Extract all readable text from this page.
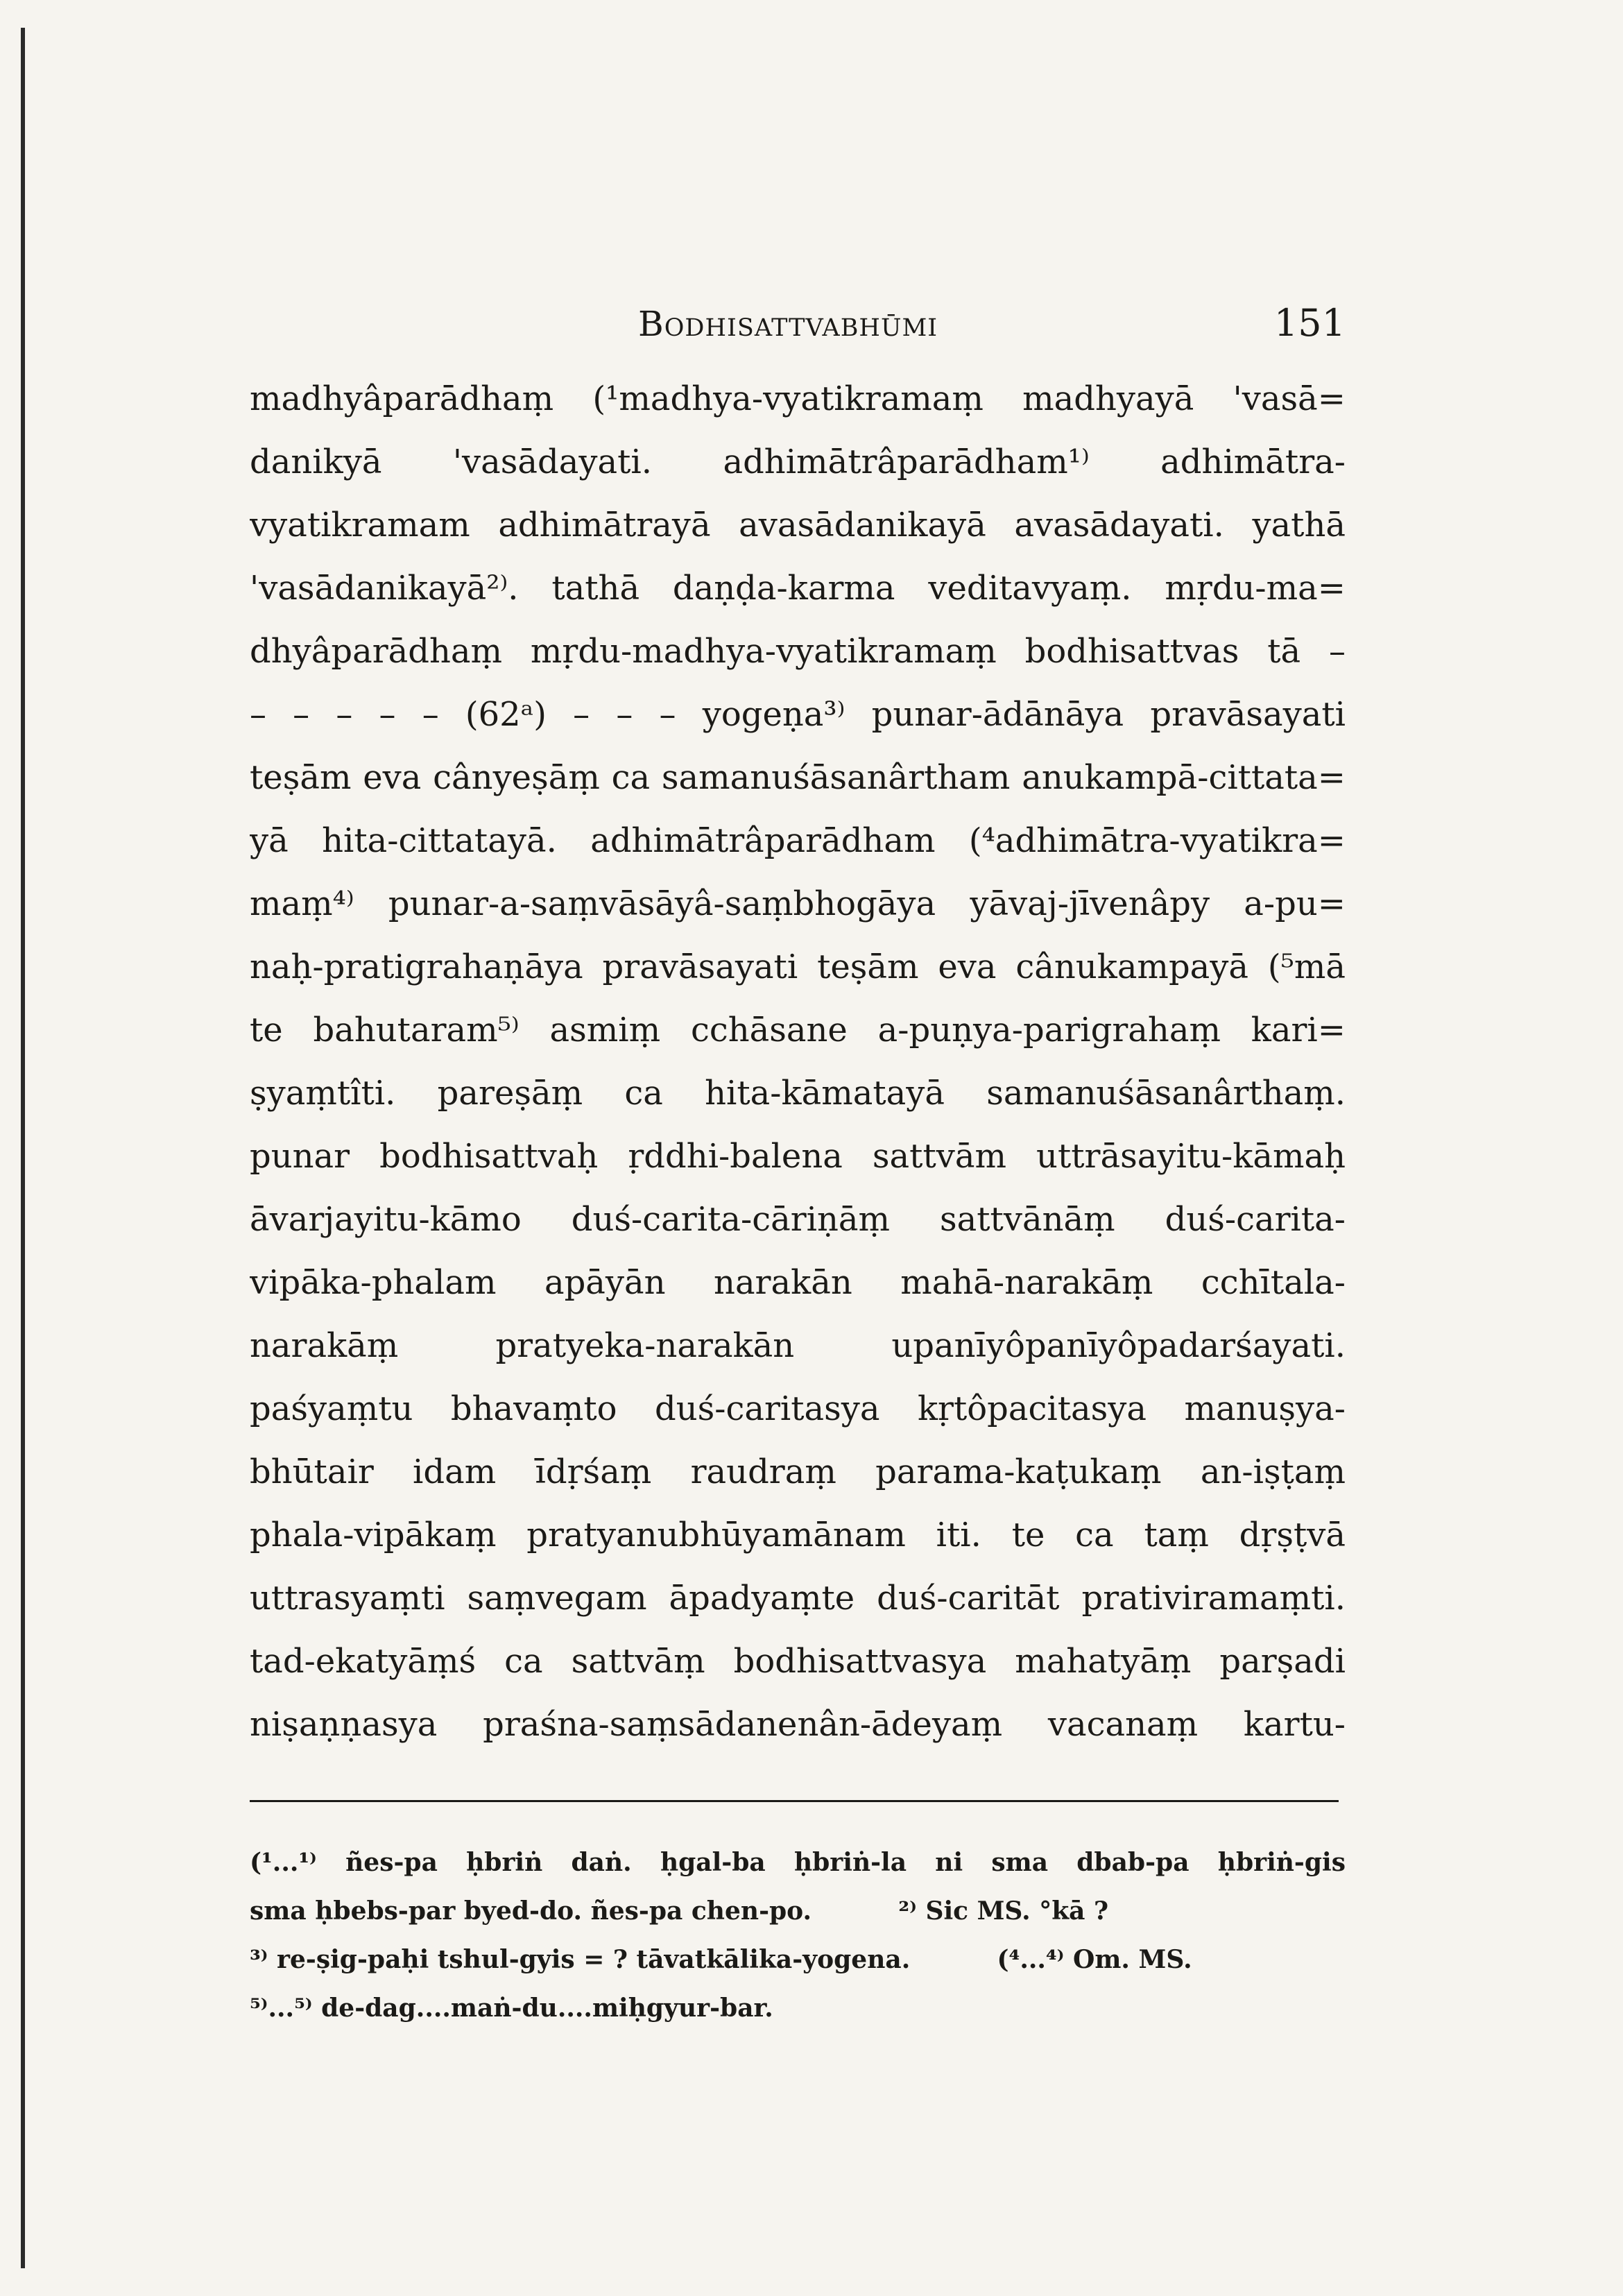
Bodhisattvabhūmi	151
madhyâparādhaṃ (¹madhya-vyatikramaṃ madhyayā 'vasā=
danikyā 'vasādayati. adhimātrâparādham¹⁾ adhimātra-
vyatikramam adhimātrayā avasādanikayā avasādayati. yathā
'vasādanikayā²⁾. tathā daṇḍa-karma veditavyaṃ. mṛdu-ma=
dhyâparādhaṃ mṛdu-madhya-vyatikramaṃ bodhisattvas tā –
– – – – – (62ᵃ) – – – yogeṇa³⁾ punar-ādānāya pravāsayati
teṣām eva cânyeṣāṃ ca samanuśāsanârtham anukampā-cittata=
yā hita-cittatayā. adhimātrâparādham (⁴adhimātra-vyatikra=
maṃ⁴⁾ punar-a-saṃvāsāyâ-saṃbhogāya yāvaj-jīvenâpy a-pu=
naḥ-pratigrahaṇāya pravāsayati teṣām eva cânukampayā (⁵mā
te bahutaram⁵⁾ asmiṃ cchāsane a-puṇya-parigrahaṃ kari=
ṣyaṃtîti. pareṣāṃ ca hita-kāmatayā samanuśāsanârthaṃ.
punar bodhisattvaḥ ṛddhi-balena sattvām uttrāsayitu-kāmaḥ
āvarjayitu-kāmo duś-carita-cāriṇāṃ sattvānāṃ duś-carita-
vipāka-phalam apāyān narakān mahā-narakāṃ cchītala-
narakāṃ pratyeka-narakān upanīyôpanīyôpadarśayati.
paśyaṃtu bhavaṃto duś-caritasya kṛtôpacitasya manuṣya-
bhūtair idam īdṛśaṃ raudraṃ parama-kaṭukaṃ an-iṣṭaṃ
phala-vipākaṃ pratyanubhūyamānam iti. te ca taṃ dṛṣṭvā
uttrasyaṃti saṃvegam āpadyaṃte duś-caritāt prativiramaṃti.
tad-ekatyāṃś ca sattvāṃ bodhisattvasya mahatyāṃ parṣadi
niṣaṇṇasya praśna-saṃsādanenân-ādeyaṃ vacanaṃ kartu-
(¹...¹⁾ ñes-pa ḥbriṅ daṅ. ḥgal-ba ḥbriṅ-la ni sma dbab-pa ḥbriṅ-gis
sma ḥbebs-par byed-do. ñes-pa chen-po.          ²⁾ Sic MS. °kā ?
³⁾ re-ṣig-paḥi tshul-gyis = ? tāvatkālika-yogena.          (⁴...⁴⁾ Om. MS.
⁵⁾...⁵⁾ de-dag....maṅ-du....miḥgyur-bar.
